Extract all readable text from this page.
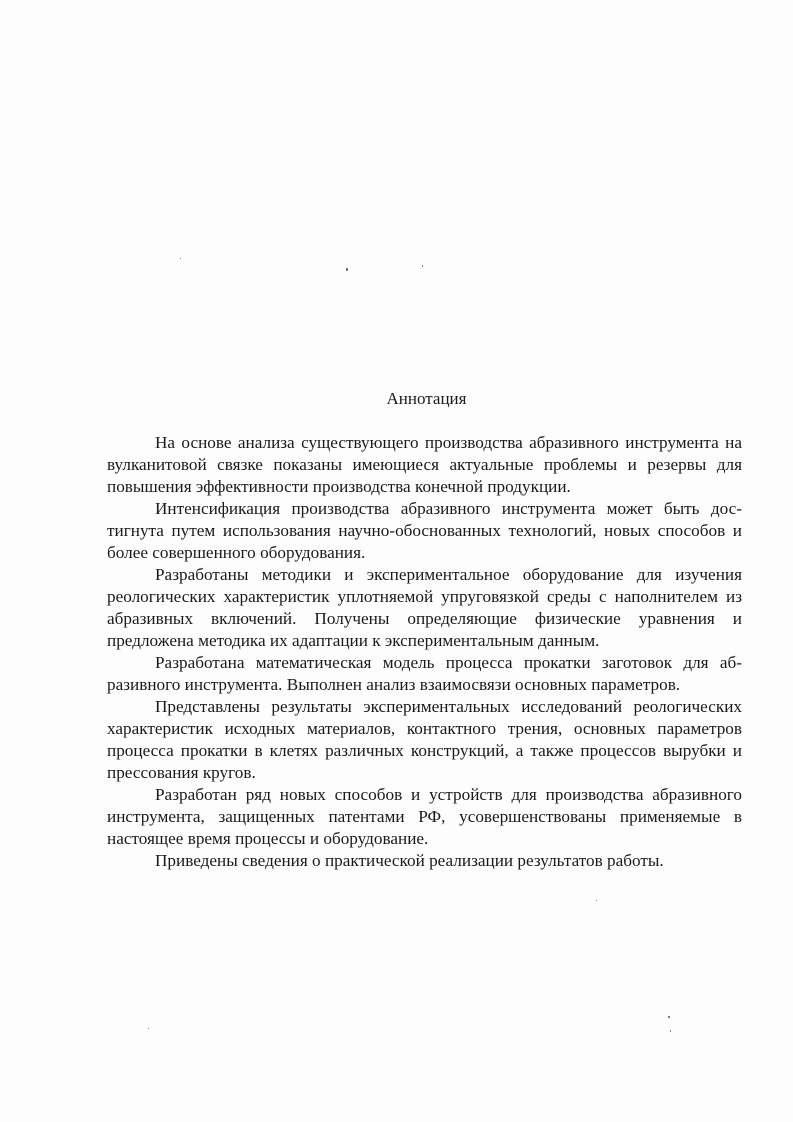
Аннотация

На основе анализа существующего производства абразивного инструмента на вулканитовой связке показаны имеющиеся актуальные проблемы и резервы для повышения эффективности производства конечной продукции.

Интенсификация производства абразивного инструмента может быть достигнута путем использования научно-обоснованных технологий, новых способов и более совершенного оборудования.

Разработаны методики и экспериментальное оборудование для изучения реологических характеристик уплотняемой упруговязкой среды с наполнителем из абразивных включений. Получены определяющие физические уравнения и предложена методика их адаптации к экспериментальным данным.

Разработана математическая модель процесса прокатки заготовок для абразивного инструмента. Выполнен анализ взаимосвязи основных параметров.

Представлены результаты экспериментальных исследований реологических характеристик исходных материалов, контактного трения, основных параметров процесса прокатки в клетях различных конструкций, а также процессов вырубки и прессования кругов.

Разработан ряд новых способов и устройств для производства абразивного инструмента, защищенных патентами РФ, усовершенствованы применяемые в настоящее время процессы и оборудование.

Приведены сведения о практической реализации результатов работы.
